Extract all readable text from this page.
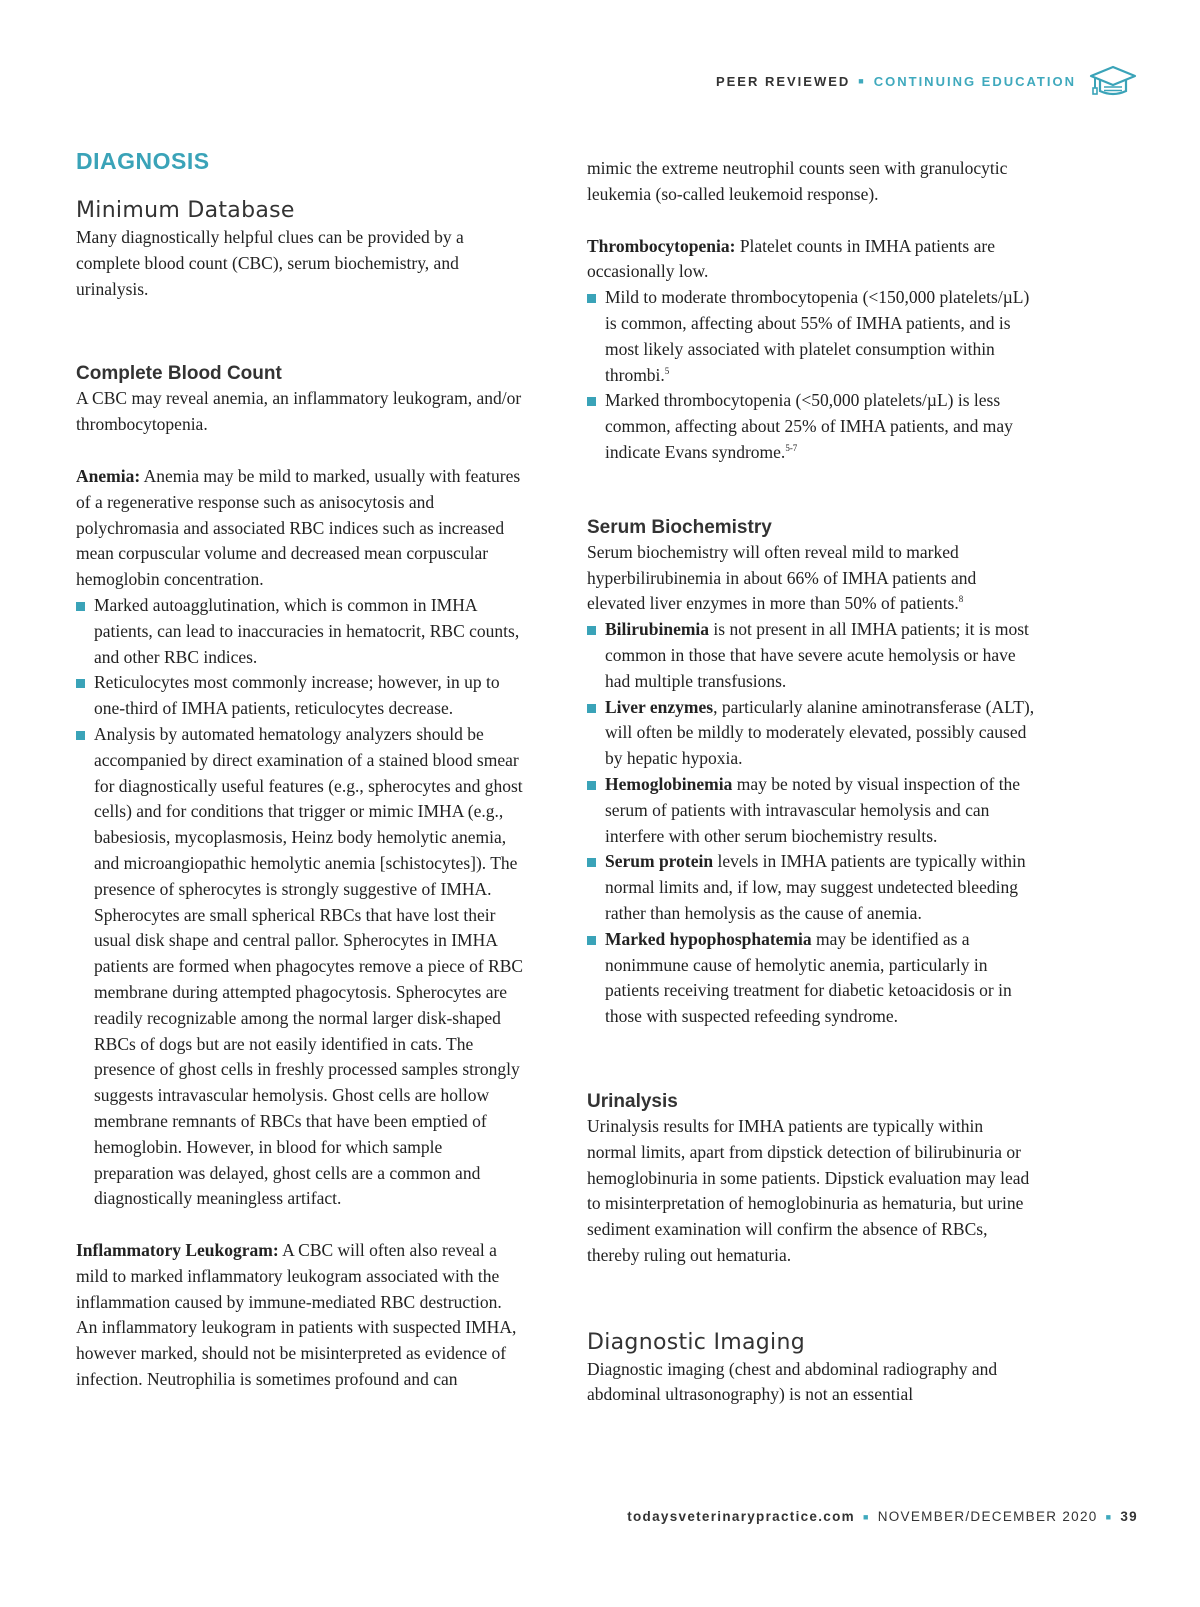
PEER REVIEWED ■ CONTINUING EDUCATION
DIAGNOSIS
Minimum Database

Many diagnostically helpful clues can be provided by a complete blood count (CBC), serum biochemistry, and urinalysis.

Complete Blood Count

A CBC may reveal anemia, an inflammatory leukogram, and/or thrombocytopenia.

Anemia: Anemia may be mild to marked, usually with features of a regenerative response such as anisocytosis and polychromasia and associated RBC indices such as increased mean corpuscular volume and decreased mean corpuscular hemoglobin concentration.

Marked autoagglutination, which is common in IMHA patients, can lead to inaccuracies in hematocrit, RBC counts, and other RBC indices.
Reticulocytes most commonly increase; however, in up to one-third of IMHA patients, reticulocytes decrease.
Analysis by automated hematology analyzers should be accompanied by direct examination of a stained blood smear for diagnostically useful features (e.g., spherocytes and ghost cells) and for conditions that trigger or mimic IMHA (e.g., babesiosis, mycoplasmosis, Heinz body hemolytic anemia, and microangiopathic hemolytic anemia [schistocytes]). The presence of spherocytes is strongly suggestive of IMHA. Spherocytes are small spherical RBCs that have lost their usual disk shape and central pallor. Spherocytes in IMHA patients are formed when phagocytes remove a piece of RBC membrane during attempted phagocytosis. Spherocytes are readily recognizable among the normal larger disk-shaped RBCs of dogs but are not easily identified in cats. The presence of ghost cells in freshly processed samples strongly suggests intravascular hemolysis. Ghost cells are hollow membrane remnants of RBCs that have been emptied of hemoglobin. However, in blood for which sample preparation was delayed, ghost cells are a common and diagnostically meaningless artifact.

Inflammatory Leukogram: A CBC will often also reveal a mild to marked inflammatory leukogram associated with the inflammation caused by immune-mediated RBC destruction. An inflammatory leukogram in patients with suspected IMHA, however marked, should not be misinterpreted as evidence of infection. Neutrophilia is sometimes profound and can

mimic the extreme neutrophil counts seen with granulocytic leukemia (so-called leukemoid response).

Thrombocytopenia: Platelet counts in IMHA patients are occasionally low.

Mild to moderate thrombocytopenia (<150,000 platelets/µL) is common, affecting about 55% of IMHA patients, and is most likely associated with platelet consumption within thrombi.$^5$
Marked thrombocytopenia (<50,000 platelets/µL) is less common, affecting about 25% of IMHA patients, and may indicate Evans syndrome.$^{5-7}$
Serum Biochemistry

Serum biochemistry will often reveal mild to marked hyperbilirubinemia in about 66% of IMHA patients and elevated liver enzymes in more than 50% of patients.$^8$

Bilirubinemia is not present in all IMHA patients; it is most common in those that have severe acute hemolysis or have had multiple transfusions.
Liver enzymes, particularly alanine aminotransferase (ALT), will often be mildly to moderately elevated, possibly caused by hepatic hypoxia.
Hemoglobinemia may be noted by visual inspection of the serum of patients with intravascular hemolysis and can interfere with other serum biochemistry results.
Serum protein levels in IMHA patients are typically within normal limits and, if low, may suggest undetected bleeding rather than hemolysis as the cause of anemia.
Marked hypophosphatemia may be identified as a nonimmune cause of hemolytic anemia, particularly in patients receiving treatment for diabetic ketoacidosis or in those with suspected refeeding syndrome.
Urinalysis

Urinalysis results for IMHA patients are typically within normal limits, apart from dipstick detection of bilirubinuria or hemoglobinuria in some patients. Dipstick evaluation may lead to misinterpretation of hemoglobinuria as hematuria, but urine sediment examination will confirm the absence of RBCs, thereby ruling out hematuria.

Diagnostic Imaging

Diagnostic imaging (chest and abdominal radiography and abdominal ultrasonography) is not an essential

todaysveterinarypractice.com ■ NOVEMBER/DECEMBER 2020 ■ 39
